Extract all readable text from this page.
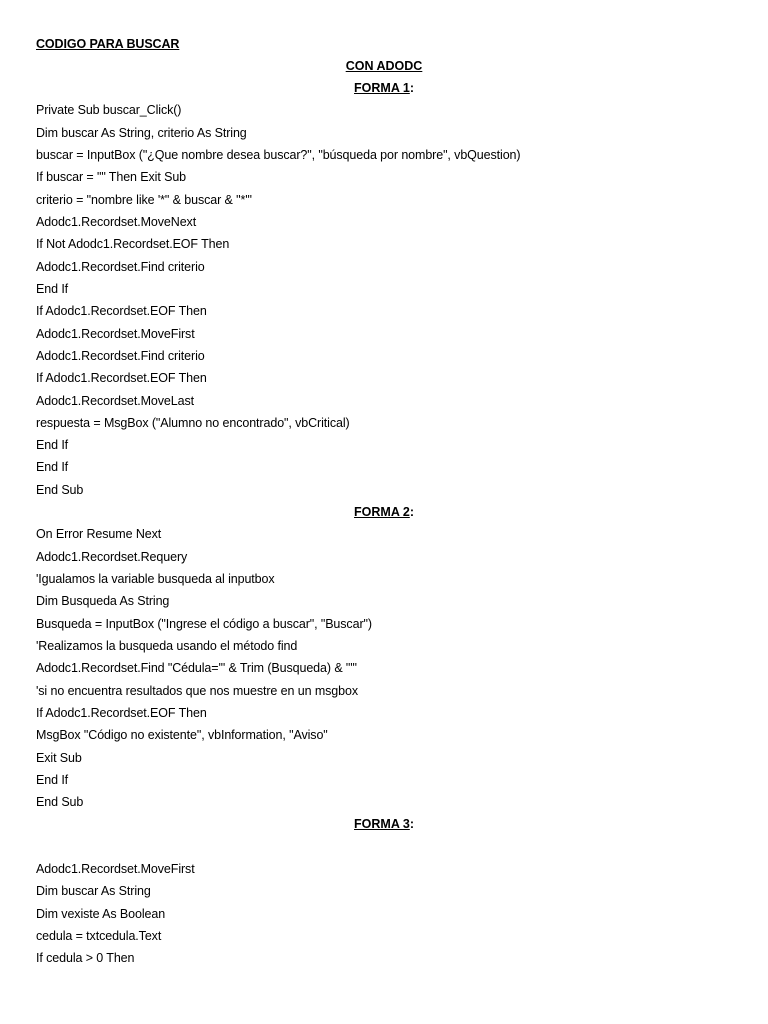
CODIGO PARA BUSCAR
CON ADODC
FORMA 1:
Private Sub buscar_Click()
Dim buscar As String, criterio As String
buscar = InputBox ("¿Que nombre desea buscar?", "búsqueda por nombre", vbQuestion)
If buscar = "" Then Exit Sub
criterio = "nombre like '*" & buscar & "*'"
Adodc1.Recordset.MoveNext
If Not Adodc1.Recordset.EOF Then
Adodc1.Recordset.Find criterio
End If
If Adodc1.Recordset.EOF Then
Adodc1.Recordset.MoveFirst
Adodc1.Recordset.Find criterio
If Adodc1.Recordset.EOF Then
Adodc1.Recordset.MoveLast
respuesta = MsgBox ("Alumno no encontrado", vbCritical)
End If
End If
End Sub
FORMA 2:
On Error Resume Next
Adodc1.Recordset.Requery
'Igualamos la variable busqueda al inputbox
Dim Busqueda As String
Busqueda = InputBox ("Ingrese el código a buscar", "Buscar")
'Realizamos la busqueda usando el método find
Adodc1.Recordset.Find "Cédula='" & Trim (Busqueda) & "'"
'si no encuentra resultados que nos muestre en un msgbox
If Adodc1.Recordset.EOF Then
MsgBox "Código no existente", vbInformation, "Aviso"
Exit Sub
End If
End Sub
FORMA 3:
Adodc1.Recordset.MoveFirst
Dim buscar As String
Dim vexiste As Boolean
cedula = txtcedula.Text
If cedula > 0 Then
